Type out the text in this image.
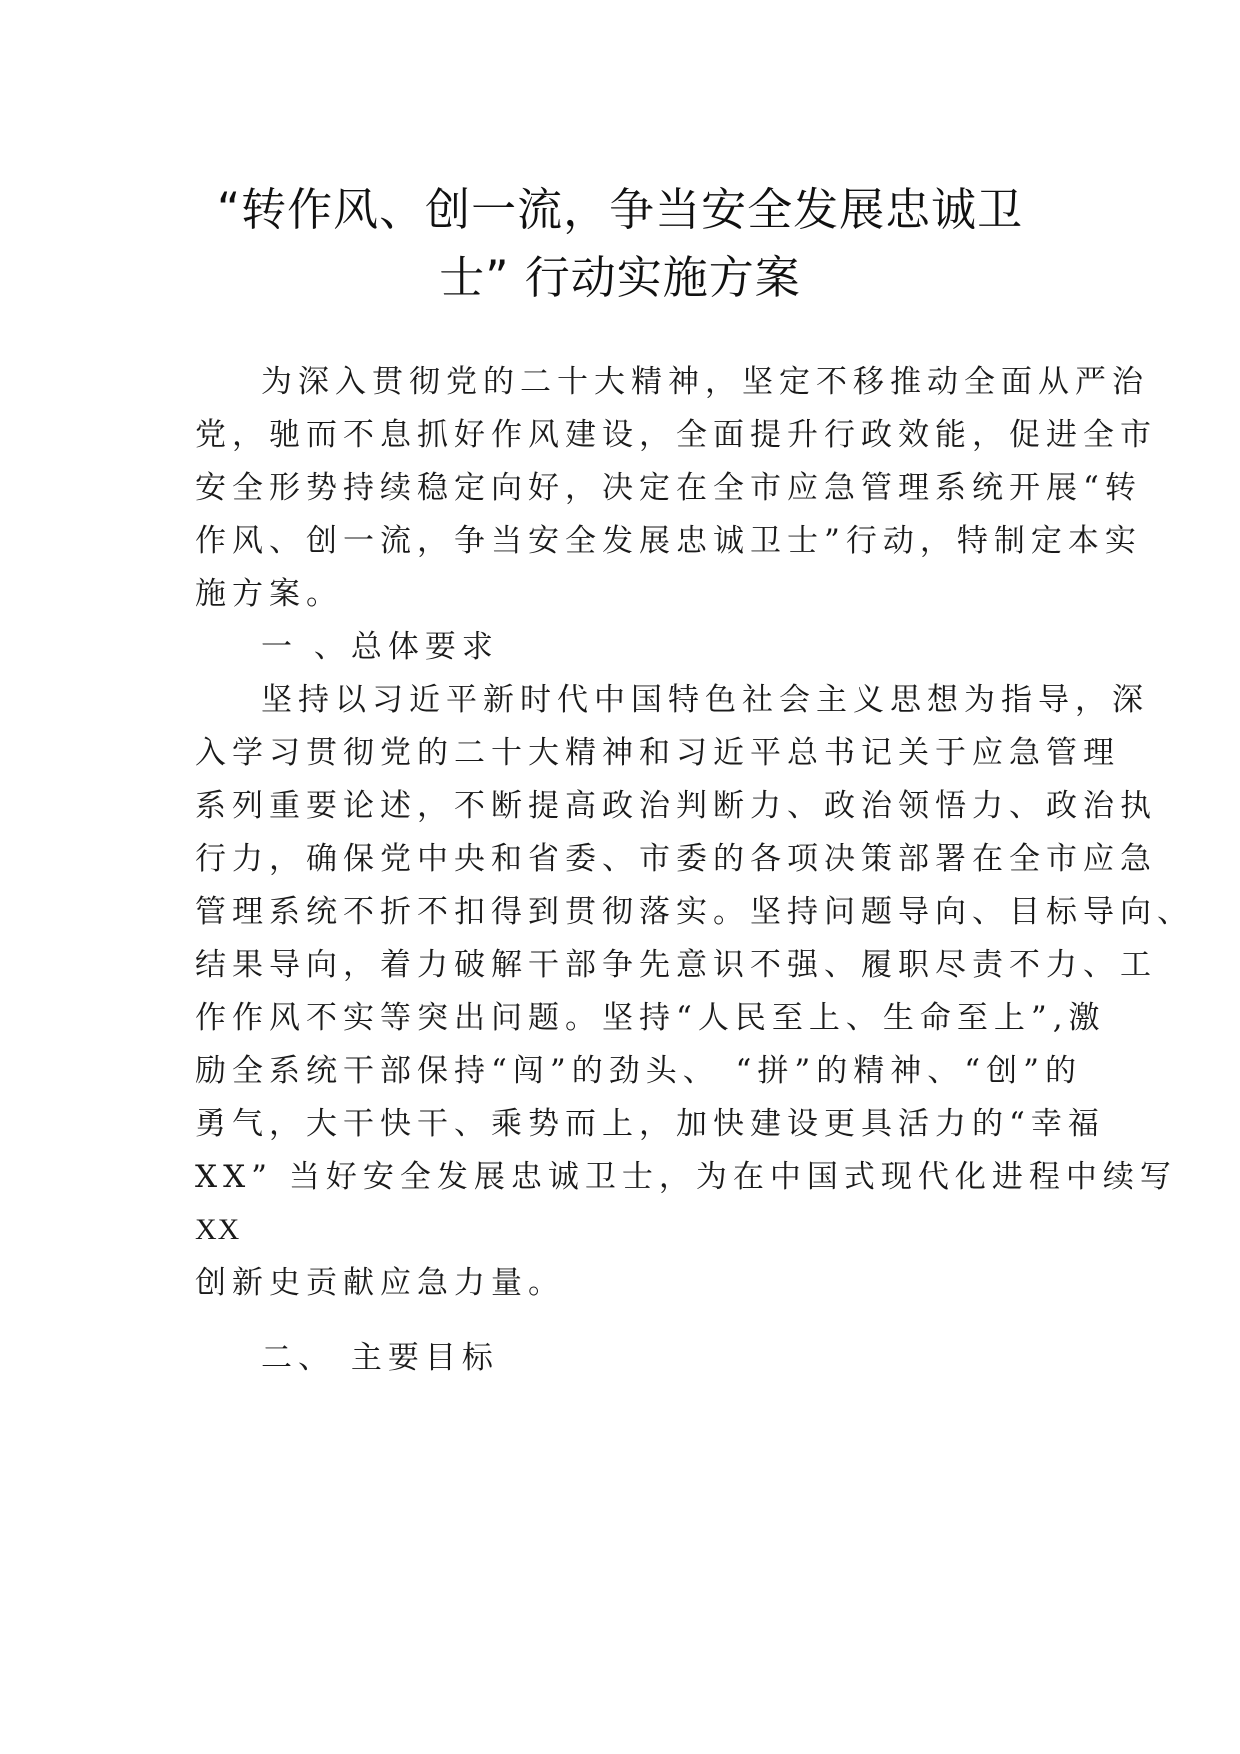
“转作风、创一流，争当安全发展忠诚卫
士” 行动实施方案

为深入贯彻党的二十大精神，坚定不移推动全面从严治

党，驰而不息抓好作风建设，全面提升行政效能，促进全市

安全形势持续稳定向好，决定在全市应急管理系统开展“转

作风、创一流，争当安全发展忠诚卫士”行动，特制定本实

施方案。

一 、总体要求

坚持以习近平新时代中国特色社会主义思想为指导，深

入学习贯彻党的二十大精神和习近平总书记关于应急管理

系列重要论述，不断提高政治判断力、政治领悟力、政治执

行力，确保党中央和省委、市委的各项决策部署在全市应急

管理系统不折不扣得到贯彻落实。坚持问题导向、目标导向、

结果导向，着力破解干部争先意识不强、履职尽责不力、工

作作风不实等突出问题。坚持“人民至上、生命至上”,激

励全系统干部保持“闯”的劲头、 “拼”的精神、“创”的

勇气，大干快干、乘势而上，加快建设更具活力的“幸福

XX” 当好安全发展忠诚卫士，为在中国式现代化进程中续写

XX

创新史贡献应急力量。

二、 主要目标
